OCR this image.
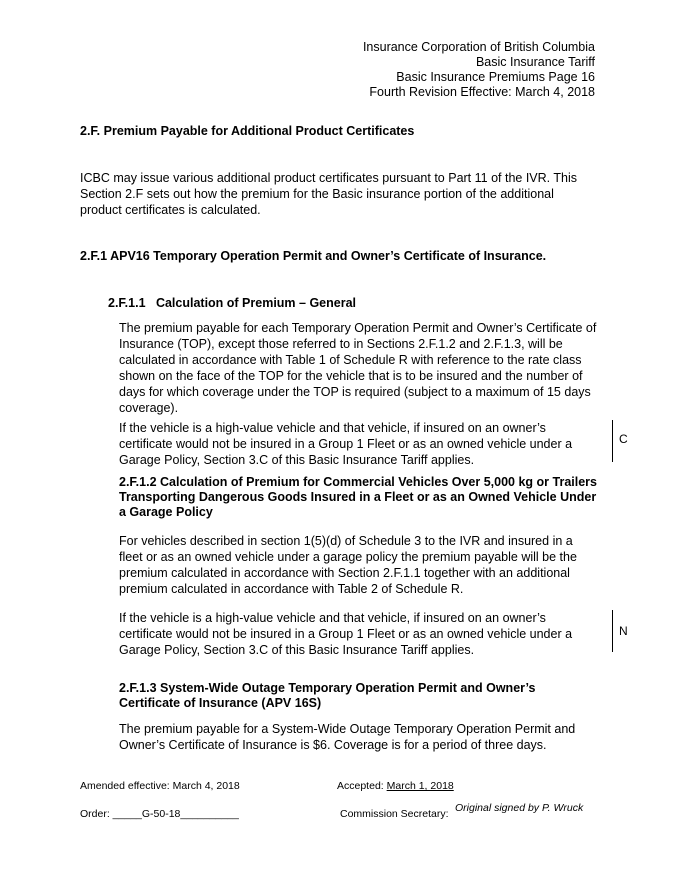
Insurance Corporation of British Columbia
Basic Insurance Tariff
Basic Insurance Premiums Page 16
Fourth Revision Effective: March 4, 2018
2.F. Premium Payable for Additional Product Certificates
ICBC may issue various additional product certificates pursuant to Part 11 of the IVR. This Section 2.F sets out how the premium for the Basic insurance portion of the additional product certificates is calculated.
2.F.1 APV16 Temporary Operation Permit and Owner’s Certificate of Insurance.
2.F.1.1   Calculation of Premium – General
The premium payable for each Temporary Operation Permit and Owner’s Certificate of Insurance (TOP), except those referred to in Sections 2.F.1.2 and 2.F.1.3, will be calculated in accordance with Table 1 of Schedule R with reference to the rate class shown on the face of the TOP for the vehicle that is to be insured and the number of days for which coverage under the TOP is required (subject to a maximum of 15 days coverage).
If the vehicle is a high-value vehicle and that vehicle, if insured on an owner’s certificate would not be insured in a Group 1 Fleet or as an owned vehicle under a Garage Policy, Section 3.C of this Basic Insurance Tariff applies.
C
2.F.1.2 Calculation of Premium for Commercial Vehicles Over 5,000 kg or Trailers Transporting Dangerous Goods Insured in a Fleet or as an Owned Vehicle Under a Garage Policy
For vehicles described in section 1(5)(d) of Schedule 3 to the IVR and insured in a fleet or as an owned vehicle under a garage policy the premium payable will be the premium calculated in accordance with Section 2.F.1.1 together with an additional premium calculated in accordance with Table 2 of Schedule R.
If the vehicle is a high-value vehicle and that vehicle, if insured on an owner’s certificate would not be insured in a Group 1 Fleet or as an owned vehicle under a Garage Policy, Section 3.C of this Basic Insurance Tariff applies.
N
2.F.1.3 System-Wide Outage Temporary Operation Permit and Owner’s Certificate of Insurance (APV 16S)
The premium payable for a System-Wide Outage Temporary Operation Permit and Owner’s Certificate of Insurance is $6. Coverage is for a period of three days.
Amended effective: March 4, 2018	Accepted: March 1, 2018
Order: _____G-50-18__________	Commission Secretary: Original signed by P. Wruck
